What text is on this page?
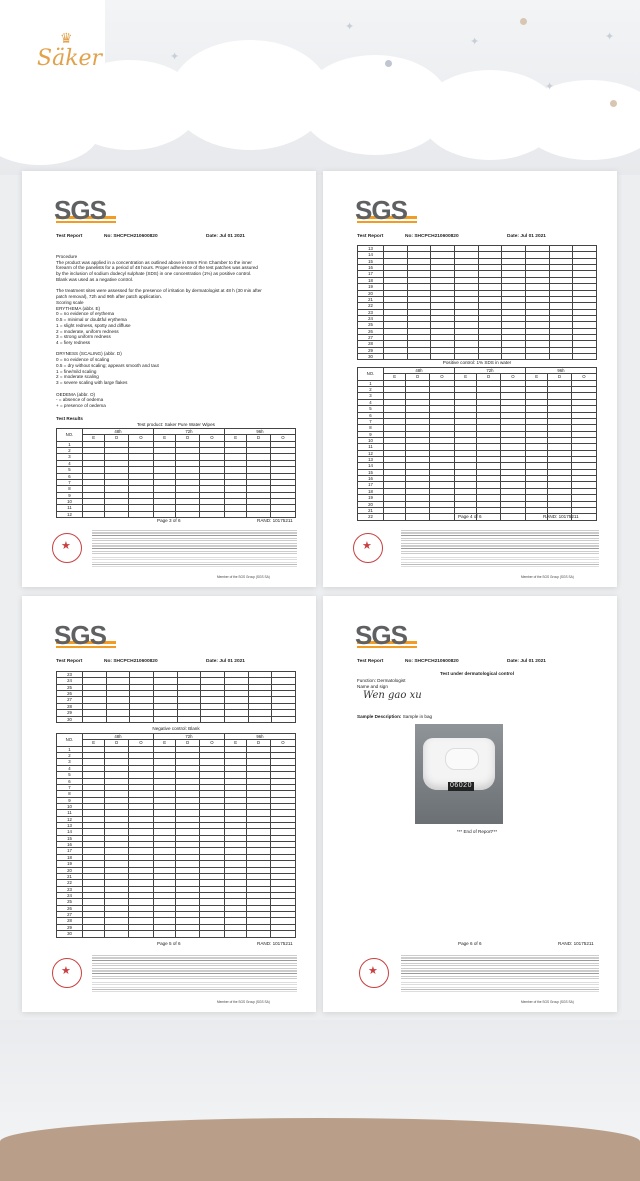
✦
✦
✦	✦
✦
♛
Säker
SGS
Test Report	No: SHCPCH210600820	Date: Jul 01 2021
Procedure
The product was applied in a concentration as outlined above in 8mm Finn Chamber to the inner
forearm of the panelists for a period of 48 hours. Proper adherence of the test patches was assured
by the inclusion of sodium dodecyl sulphate (SDS) in one concentration (1%) as positive control.
Blank was used as a negative control.

The treatment sites were assessed for the presence of irritation by dermatologist at 48 h (30 min after
patch removal), 72h and 96h after patch application.
Scoring scale
ERYTHEMA (abbr. E)
0 = no evidence of erythema
0.5 = minimal or doubtful erythema
1 = slight redness, spotty and diffuse
2 = moderate, uniform redness
3 = strong uniform redness
4 = fiery redness

DRYNESS (SCALING) (abbr. D)
0 = no evidence of scaling
0.5 = dry without scaling; appears smooth and taut
1 = fine/mild scaling
2 = moderate scaling
3 = severe scaling with large flakes

OEDEMA (abbr. O)
- = absence of oedema
+ = presence of oedema
Test Results
Test product: Saker Pure Water Wipes
NO.	48h			72h			96h		
	E	D	O	E	D	O	E	D	O
1									
2									
3									
4									
5									
6									
7									
8									
9									
10									
11									
12									
Page 3 of 6	RAND: 10175211
★
Member of the SGS Group (SGS SA)
SGS
Test Report	No: SHCPCH210600820	Date: Jul 01 2021
13									
14									
15									
16									
17									
18									
19									
20									
21									
22									
23									
24									
25									
26									
27									
28									
29									
30									
Positive control: 1% SDS in water
NO.	48h			72h			96h		
	E	D	O	E	D	O	E	D	O
1									
2									
3									
4									
5									
6									
7									
8									
9									
10									
11									
12									
13									
14									
15									
16									
17									
18									
19									
20									
21									
22										Page 4 of 6	RAND: 10175211
★
Member of the SGS Group (SGS SA)
SGS
Test Report	No: SHCPCH210600820	Date: Jul 01 2021
23									
24									
25									
26									
27									
28									
29									
30									
Negative control: Blank
NO.	48h			72h			96h		
	E	D	O	E	D	O	E	D	O
1									
2									
3									
4									
5									
6									
7									
8									
9									
10									
11									
12									
13									
14									
15									
16									
17									
18									
19									
20									
21									
22									
23									
24									
25									
26									
27									
28									
29									
30									
Page 5 of 6	RAND: 10175211
★
Member of the SGS Group (SGS SA)
SGS
Test Report	No: SHCPCH210600820	Date: Jul 01 2021
Test under dermatological control
Function: Dermatologist
Name and sign
Wen gao xu
Sample Description: Sample in bag
06020
*** End of Report***
Page 6 of 6	RAND: 10175211
★
Member of the SGS Group (SGS SA)
